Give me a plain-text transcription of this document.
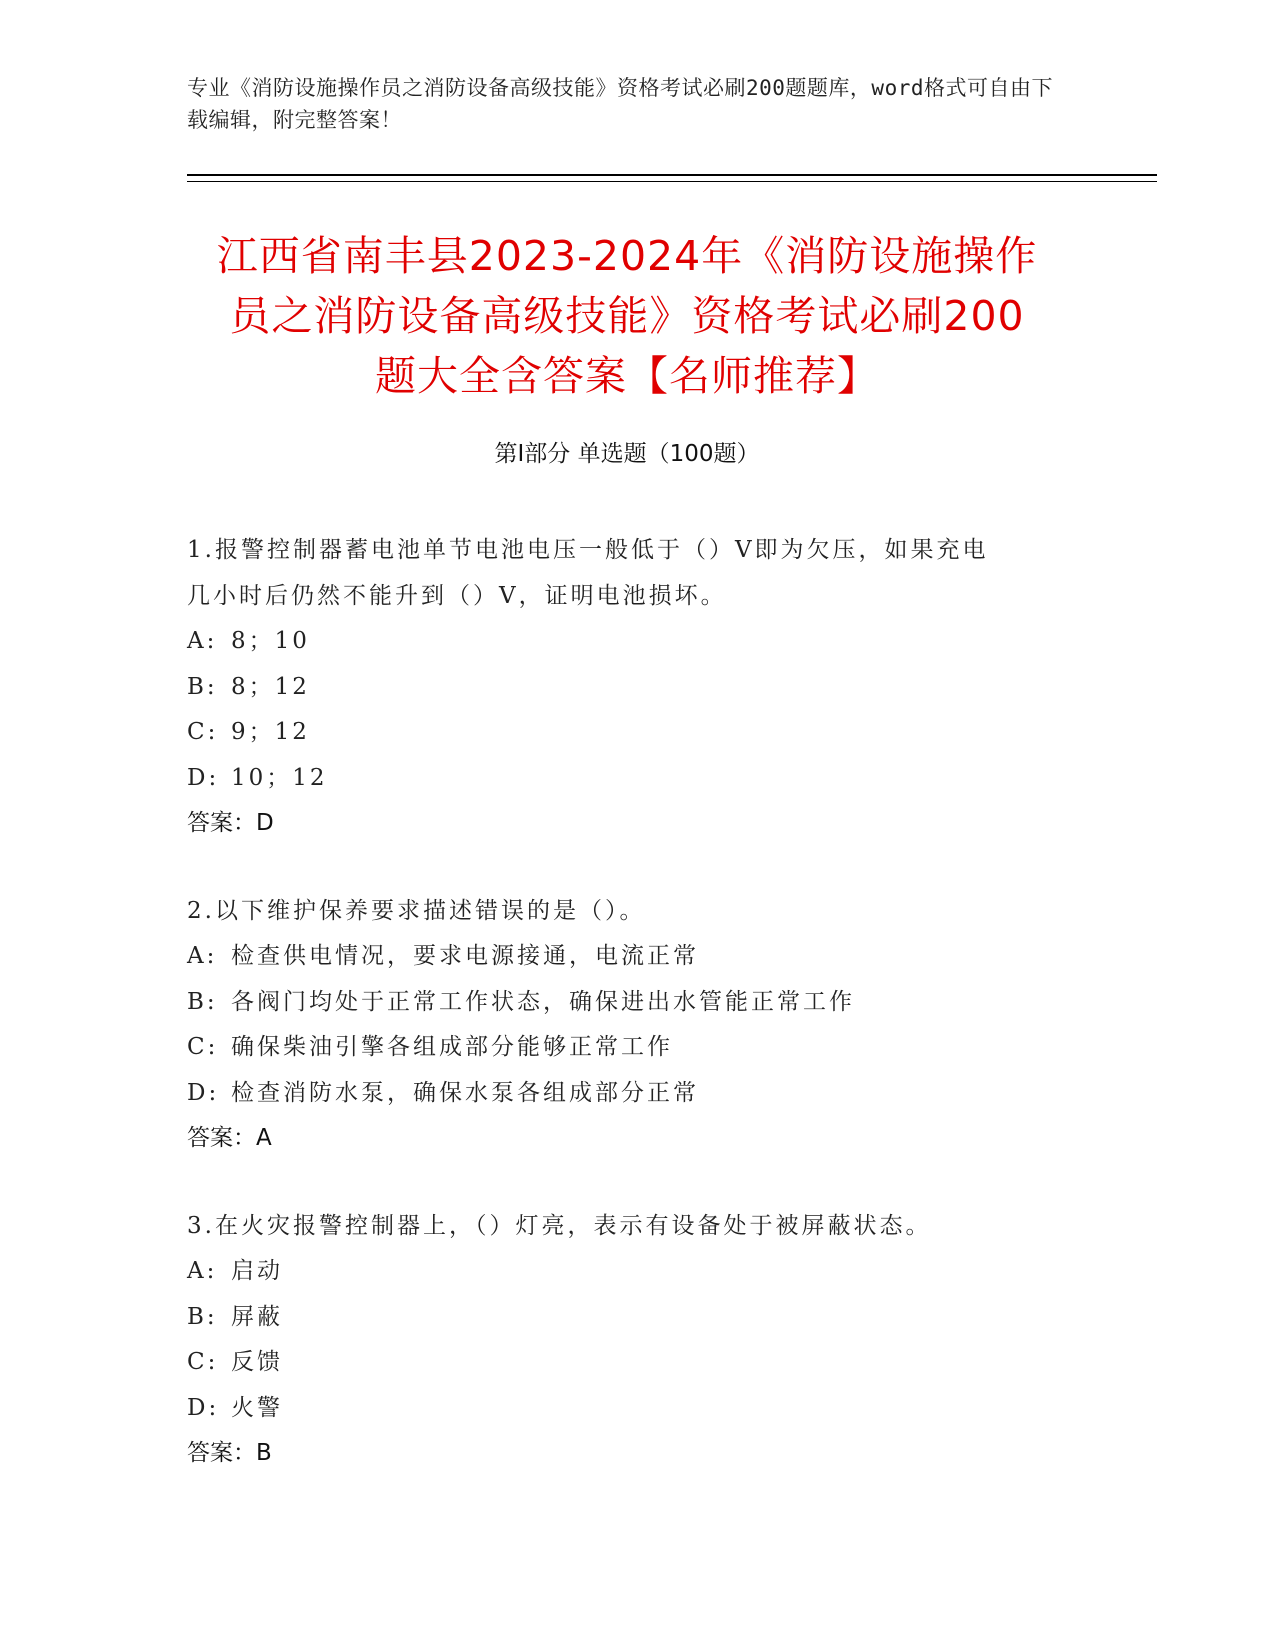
专业《消防设施操作员之消防设备高级技能》资格考试必刷200题题库，word格式可自由下载编辑，附完整答案！
江西省南丰县2023-2024年《消防设施操作
员之消防设备高级技能》资格考试必刷200
题大全含答案【名师推荐】
第Ⅰ部分 单选题（100题）
1.报警控制器蓄电池单节电池电压一般低于（）V即为欠压，如果充电
几小时后仍然不能升到（）V，证明电池损坏。
A: 8；10
B: 8；12
C: 9；12
D: 10；12
答案：D
2.以下维护保养要求描述错误的是（）。
A: 检查供电情况，要求电源接通，电流正常
B: 各阀门均处于正常工作状态，确保进出水管能正常工作
C: 确保柴油引擎各组成部分能够正常工作
D: 检查消防水泵，确保水泵各组成部分正常
答案：A
3.在火灾报警控制器上，（）灯亮，表示有设备处于被屏蔽状态。
A: 启动
B: 屏蔽
C: 反馈
D: 火警
答案：B
